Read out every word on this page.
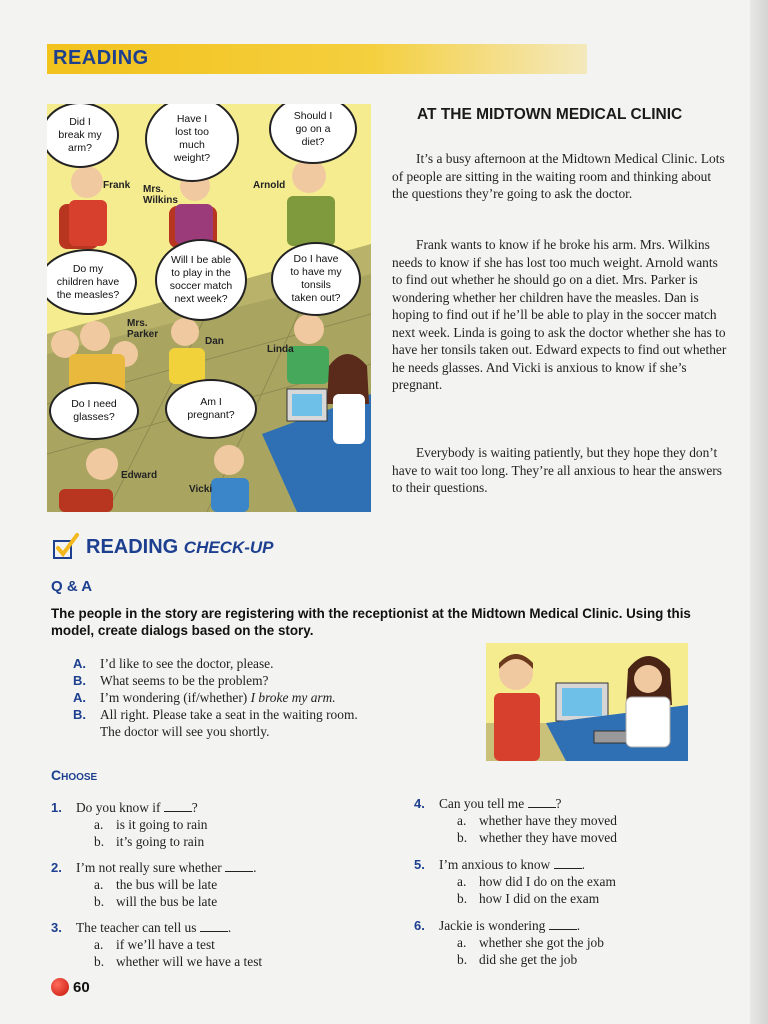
READING
Did I
break my
arm?
Have I
lost too
much
weight?
Should I
go on a
diet?
Do my
children have
the measles?
Will I be able
to play in the
soccer match
next week?
Do I have
to have my
tonsils
taken out?
Do I need
glasses?
Am I
pregnant?
Frank Mrs.
Wilkins
Arnold
Mrs.
Parker
Dan
Linda
Edward
Vicki
AT THE MIDTOWN MEDICAL CLINIC

It’s a busy afternoon at the Midtown Medical Clinic. Lots of people are sitting in the waiting room and thinking about the questions they’re going to ask the doctor.

Frank wants to know if he broke his arm. Mrs. Wilkins needs to know if she has lost too much weight. Arnold wants to find out whether he should go on a diet. Mrs. Parker is wondering whether her children have the measles. Dan is hoping to find out if he’ll be able to play in the soccer match next week. Linda is going to ask the doctor whether she has to have her tonsils taken out. Edward expects to find out whether he needs glasses. And Vicki is anxious to know if she’s pregnant.

Everybody is waiting patiently, but they hope they don’t have to wait too long. They’re all anxious to hear the answers to their questions.

READING CHECK-UP
Q & A
The people in the story are registering with the receptionist at the Midtown Medical Clinic. Using this model, create dialogs based on the story.
A.	I’d like to see the doctor, please.
B.	What seems to be the problem?
A.	I’m wondering (if/whether) I broke my arm.
B.	All right. Please take a seat in the waiting room.
The doctor will see you shortly.
Choose
1.	Do you know if ?
a. is it going to rain
b. it’s going to rain
2.	I’m not really sure whether .
a. the bus will be late
b. will the bus be late
3.	The teacher can tell us .
a. if we’ll have a test
b. whether will we have a test
4.	Can you tell me ?
a. whether have they moved
b. whether they have moved
5.	I’m anxious to know .
a. how did I do on the exam
b. how I did on the exam
6.	Jackie is wondering .
a. whether she got the job
b. did she get the job
60
